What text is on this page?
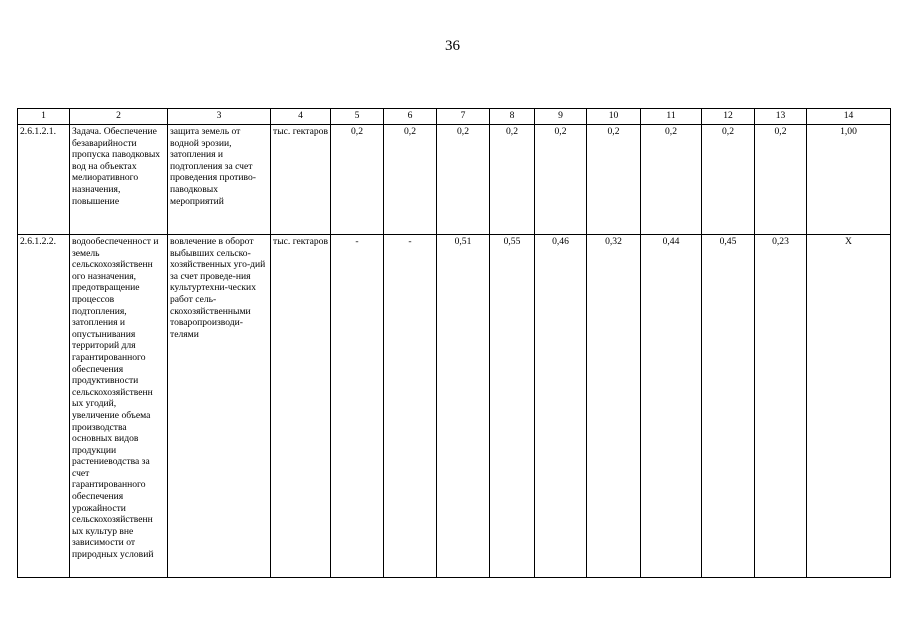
36
1	2	3	4	5	6	7	8	9	10	11	12	13	14
2.6.1.2.1.	Задача. Обеспечение безаварийности пропуска паводковых вод на объектах мелиоративного назначения, повышение	защита земель от водной эрозии, затопления и подтопления за счет проведения противо-паводковых мероприятий	тыс. гектаров	0,2	0,2	0,2	0,2	0,2	0,2	0,2	0,2	0,2	1,00
2.6.1.2.2.	водообеспеченност и земель сельскохозяйственн ого назначения, предотвращение процессов подтопления, затопления и опустынивания территорий для гарантированного обеспечения продуктивности сельскохозяйственн ых угодий, увеличение объема производства основных видов продукции растениеводства за счет гарантированного обеспечения урожайности сельскохозяйственн ых культур вне зависимости от природных условий	вовлечение в оборот выбывших сельско-хозяйственных уго-дий за счет проведе-ния культуртехни-ческих работ сель-скохозяйственными товаропроизводи-телями	тыс. гектаров	-	-	0,51	0,55	0,46	0,32	0,44	0,45	0,23	Х
